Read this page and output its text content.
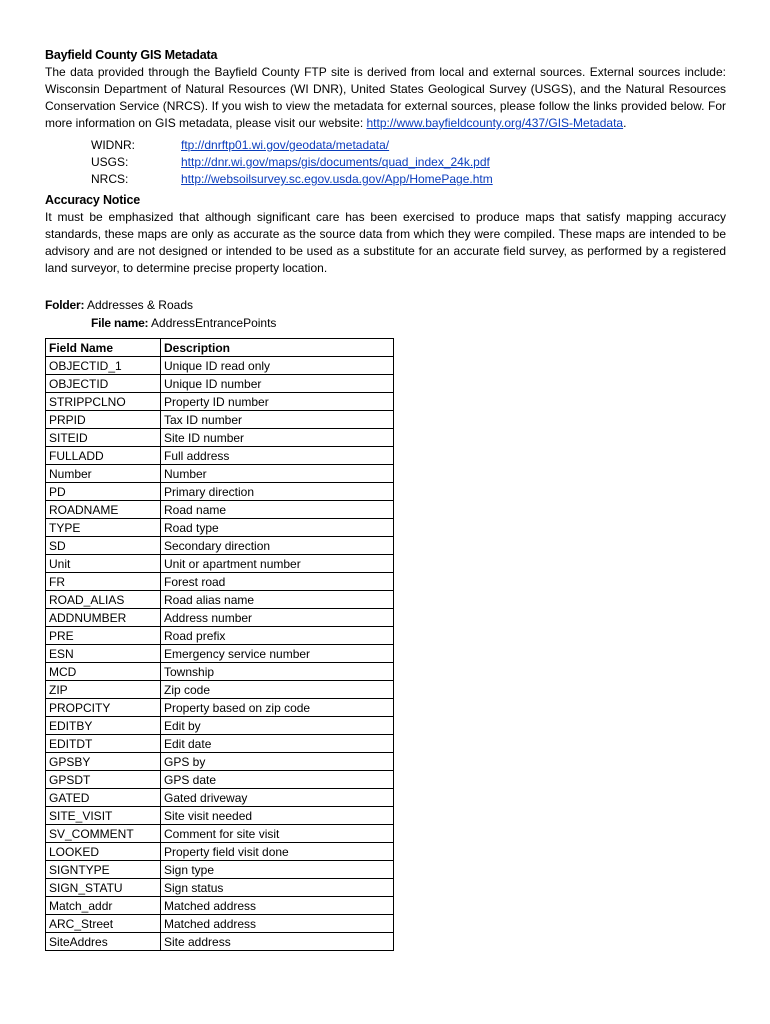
Bayfield County GIS Metadata

The data provided through the Bayfield County FTP site is derived from local and external sources. External sources include: Wisconsin Department of Natural Resources (WI DNR), United States Geological Survey (USGS), and the Natural Resources Conservation Service (NRCS). If you wish to view the metadata for external sources, please follow the links provided below. For more information on GIS metadata, please visit our website: http://www.bayfieldcounty.org/437/GIS-Metadata.

WIDNR:	ftp://dnrftp01.wi.gov/geodata/metadata/
USGS:	http://dnr.wi.gov/maps/gis/documents/quad_index_24k.pdf
NRCS:	http://websoilsurvey.sc.egov.usda.gov/App/HomePage.htm
Accuracy Notice

It must be emphasized that although significant care has been exercised to produce maps that satisfy mapping accuracy standards, these maps are only as accurate as the source data from which they were compiled. These maps are intended to be advisory and are not designed or intended to be used as a substitute for an accurate field survey, as performed by a registered land surveyor, to determine precise property location.

Folder: Addresses & Roads
File name: AddressEntrancePoints
Field Name	Description
OBJECTID_1	Unique ID read only
OBJECTID	Unique ID number
STRIPPCLNO	Property ID number
PRPID	Tax ID number
SITEID	Site ID number
FULLADD	Full address
Number	Number
PD	Primary direction
ROADNAME	Road name
TYPE	Road type
SD	Secondary direction
Unit	Unit or apartment number
FR	Forest road
ROAD_ALIAS	Road alias name
ADDNUMBER	Address number
PRE	Road prefix
ESN	Emergency service number
MCD	Township
ZIP	Zip code
PROPCITY	Property based on zip code
EDITBY	Edit by
EDITDT	Edit date
GPSBY	GPS by
GPSDT	GPS date
GATED	Gated driveway
SITE_VISIT	Site visit needed
SV_COMMENT	Comment for site visit
LOOKED	Property field visit done
SIGNTYPE	Sign type
SIGN_STATU	Sign status
Match_addr	Matched address
ARC_Street	Matched address
SiteAddres	Site address
